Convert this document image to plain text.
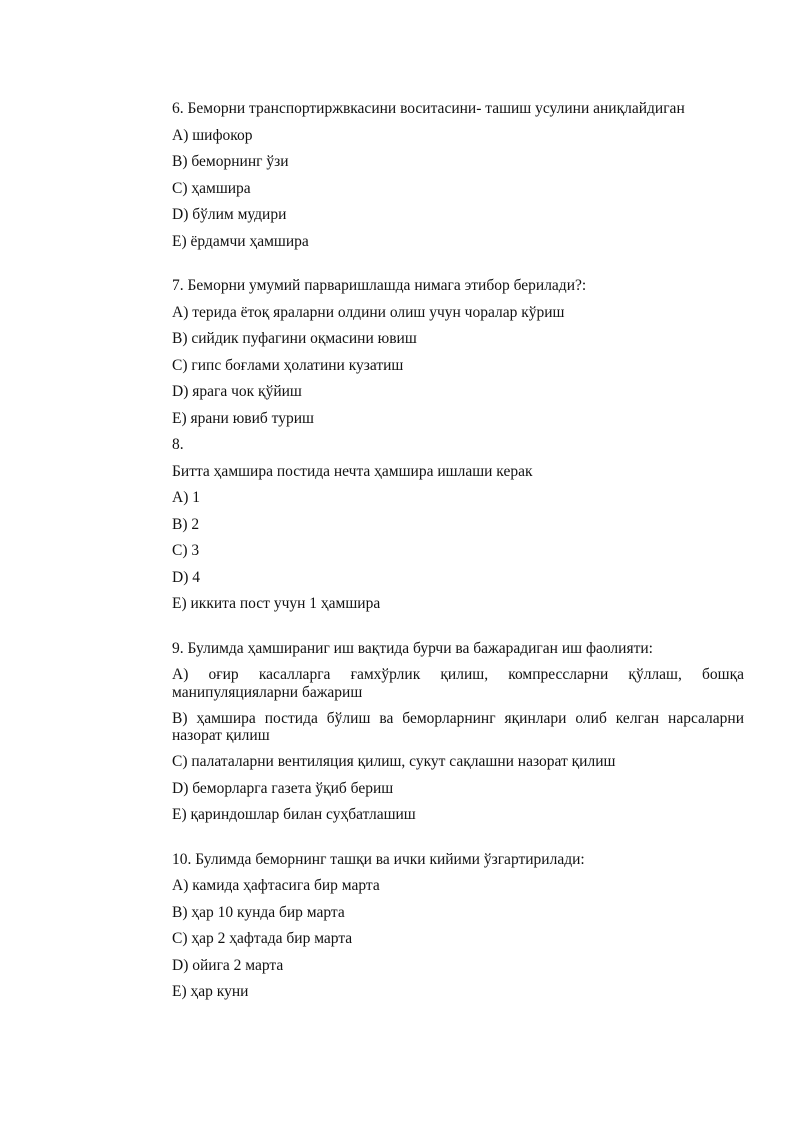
6. Беморни транспортиржвкасини воситасини- ташиш усулини аниқлайдиган
A) шифокор
B) беморнинг ўзи
C) ҳамшира
D) бўлим мудири
E) ёрдамчи ҳамшира
7. Беморни умумий парваришлашда нимага этибор берилади?:
A) терида ётоқ яраларни олдини олиш учун чоралар кўриш
B) сийдик пуфагини оқмасини ювиш
C) гипс боғлами ҳолатини кузатиш
D) ярага чок қўйиш
E) ярани ювиб туриш
8.
Битта ҳамшира постида нечта ҳамшира ишлаши керак
A) 1
B) 2
C) 3
D) 4
E) иккита пост учун 1 ҳамшира
9. Булимда ҳамшираниг иш вақтида бурчи ва бажарадиган иш фаолияти:
A) оғир касалларга ғамхўрлик қилиш, компрессларни қўллаш, бошқа манипуляцияларни бажариш
B) ҳамшира постида бўлиш ва беморларнинг яқинлари олиб келган нарсаларни назорат қилиш
C) палаталарни вентиляция қилиш, сукут сақлашни назорат қилиш
D) беморларга газета ўқиб бериш
E) қариндошлар билан суҳбатлашиш
10. Булимда беморнинг ташқи ва ички кийими ўзгартирилади:
A) камида ҳафтасига бир марта
B) ҳар 10 кунда бир марта
C) ҳар 2 ҳафтада бир марта
D) ойига 2 марта
E) ҳар куни
